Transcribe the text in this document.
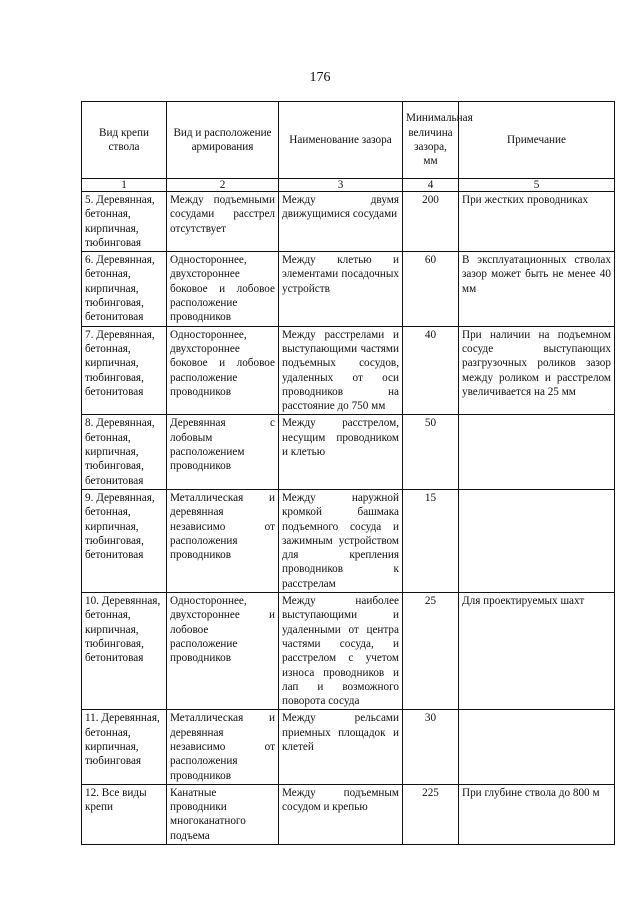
176
Вид крепи ствола	Вид и расположение армирования	Наименование зазора	Минимальная величина зазора, мм	Примечание
1	2	3	4	5
5. Деревянная, бетонная, кирпичная, тюбинговая	Между подъемными сосудами расстрел отсутствует	Между двумя движущимися сосудами	200	При жестких проводниках
6. Деревянная, бетонная, кирпичная, тюбинговая, бетонитовая	Одностороннее, двухстороннее боковое и лобовое расположение проводников	Между клетью и элементами посадочных устройств	60	В эксплуатационных стволах зазор может быть не менее 40 мм
7. Деревянная, бетонная, кирпичная, тюбинговая, бетонитовая	Одностороннее, двухстороннее боковое и лобовое расположение проводников	Между расстрелами и выступающими частями подъемных сосудов, удаленных от оси проводников на расстояние до 750 мм	40	При наличии на подъемном сосуде выступающих разгрузочных роликов зазор между роликом и расстрелом увеличивается на 25 мм
8. Деревянная, бетонная, кирпичная, тюбинговая, бетонитовая	Деревянная с лобовым расположением проводников	Между расстрелом, несущим проводником и клетью	50	
9. Деревянная, бетонная, кирпичная, тюбинговая, бетонитовая	Металлическая и деревянная независимо от расположения проводников	Между наружной кромкой башмака подъемного сосуда и зажимным устройством для крепления проводников к расстрелам	15	
10. Деревянная, бетонная, кирпичная, тюбинговая, бетонитовая	Одностороннее, двухстороннее и лобовое расположение проводников	Между наиболее выступающими и удаленными от центра частями сосуда, и расстрелом с учетом износа проводников и лап и возможного поворота сосуда	25	Для проектируемых шахт
11. Деревянная, бетонная, кирпичная, тюбинговая	Металлическая и деревянная независимо от расположения проводников	Между рельсами приемных площадок и клетей	30	
12. Все виды крепи	Канатные проводники многоканатного подъема	Между подъемным сосудом и крепью	225	При глубине ствола до 800 м
